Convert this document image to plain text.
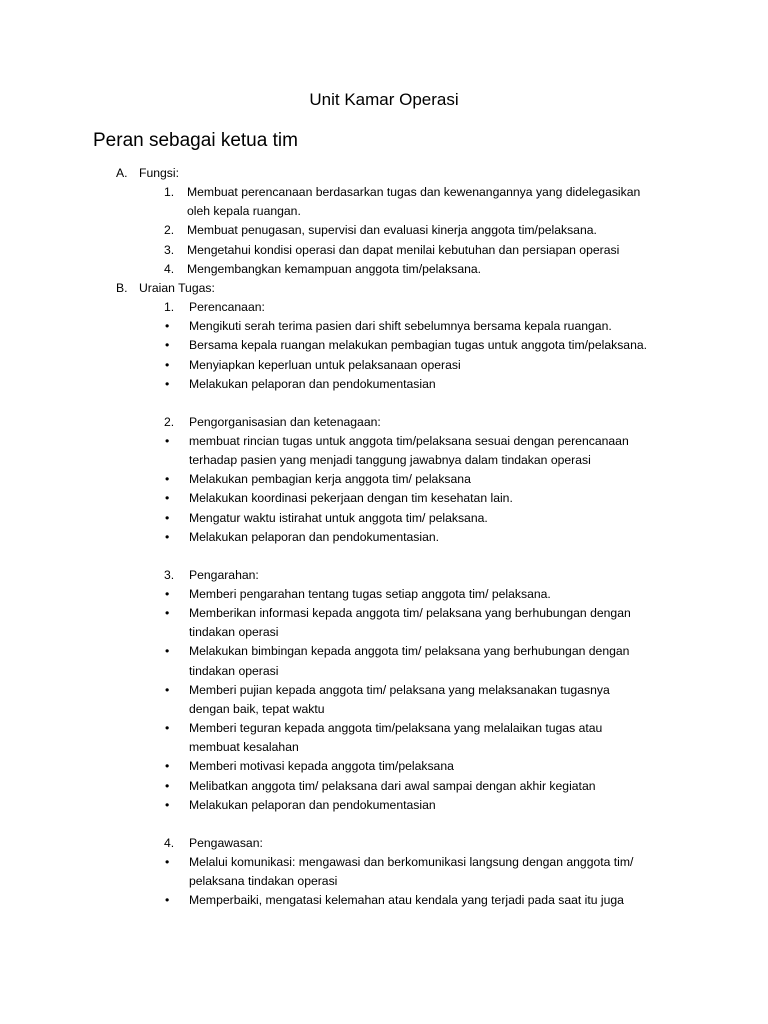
Unit Kamar Operasi
Peran sebagai ketua tim
A. Fungsi:
1. Membuat perencanaan berdasarkan tugas dan kewenangannya yang didelegasikan
oleh kepala ruangan.
2. Membuat penugasan, supervisi dan evaluasi kinerja anggota tim/pelaksana.
3. Mengetahui kondisi operasi dan dapat menilai kebutuhan dan persiapan operasi
4. Mengembangkan kemampuan anggota tim/pelaksana.
B. Uraian Tugas:
1. Perencanaan:
• Mengikuti serah terima pasien dari shift sebelumnya bersama kepala ruangan.
• Bersama kepala ruangan melakukan pembagian tugas untuk anggota tim/pelaksana.
• Menyiapkan keperluan untuk pelaksanaan operasi
• Melakukan pelaporan dan pendokumentasian
2. Pengorganisasian dan ketenagaan:
• membuat rincian tugas untuk anggota tim/pelaksana sesuai dengan perencanaan
terhadap pasien yang menjadi tanggung jawabnya dalam tindakan operasi
• Melakukan pembagian kerja anggota tim/ pelaksana
• Melakukan koordinasi pekerjaan dengan tim kesehatan lain.
• Mengatur waktu istirahat untuk anggota tim/ pelaksana.
• Melakukan pelaporan dan pendokumentasian.
3. Pengarahan:
• Memberi pengarahan tentang tugas setiap anggota tim/ pelaksana.
• Memberikan informasi kepada anggota tim/ pelaksana yang berhubungan dengan
tindakan operasi
• Melakukan bimbingan kepada anggota tim/ pelaksana yang berhubungan dengan
tindakan operasi
• Memberi pujian kepada anggota tim/ pelaksana yang melaksanakan tugasnya
dengan baik, tepat waktu
• Memberi teguran kepada anggota tim/pelaksana yang melalaikan tugas atau
membuat kesalahan
• Memberi motivasi kepada anggota tim/pelaksana
• Melibatkan anggota tim/ pelaksana dari awal sampai dengan akhir kegiatan
• Melakukan pelaporan dan pendokumentasian
4. Pengawasan:
• Melalui komunikasi: mengawasi dan berkomunikasi langsung dengan anggota tim/
pelaksana tindakan operasi
• Memperbaiki, mengatasi kelemahan atau kendala yang terjadi pada saat itu juga
